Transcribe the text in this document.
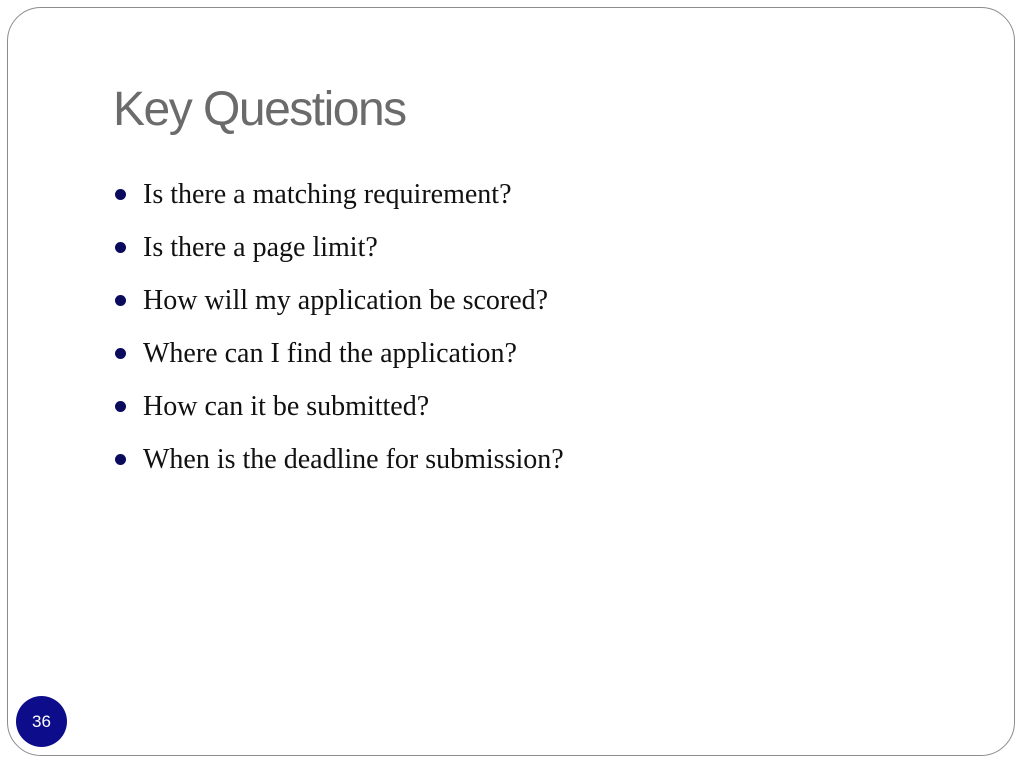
Key Questions
Is there a matching requirement?
Is there a page limit?
How will my application be scored?
Where can I find the application?
How can it be submitted?
When is the deadline for submission?
36
